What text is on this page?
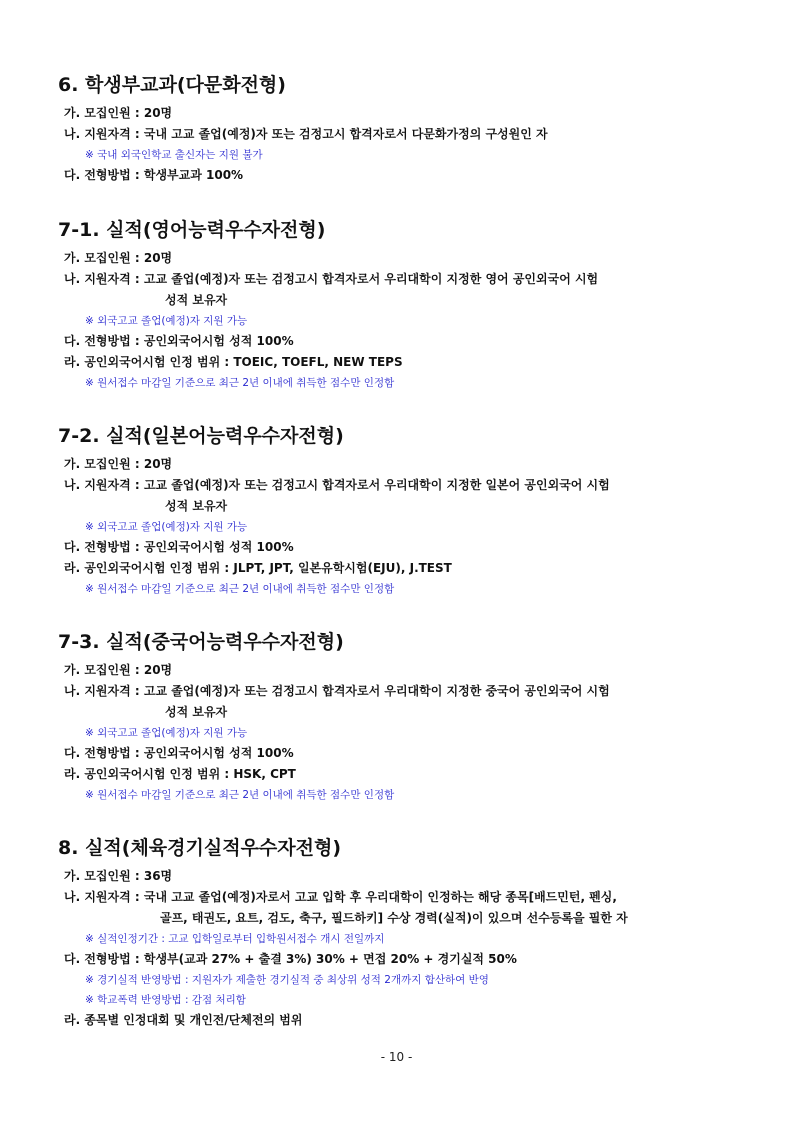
6. 학생부교과(다문화전형)
가. 모집인원 : 20명
나. 지원자격 : 국내 고교 졸업(예정)자 또는 검정고시 합격자로서 다문화가정의 구성원인 자
※ 국내 외국인학교 출신자는 지원 불가
다. 전형방법 : 학생부교과 100%
7-1. 실적(영어능력우수자전형)
가. 모집인원 : 20명
나. 지원자격 : 고교 졸업(예정)자 또는 검정고시 합격자로서 우리대학이 지정한 영어 공인외국어 시험
성적 보유자
※ 외국고교 졸업(예정)자 지원 가능
다. 전형방법 : 공인외국어시험 성적 100%
라. 공인외국어시험 인정 범위 : TOEIC, TOEFL, NEW TEPS
※ 원서접수 마감일 기준으로 최근 2년 이내에 취득한 점수만 인정함
7-2. 실적(일본어능력우수자전형)
가. 모집인원 : 20명
나. 지원자격 : 고교 졸업(예정)자 또는 검정고시 합격자로서 우리대학이 지정한 일본어 공인외국어 시험
성적 보유자
※ 외국고교 졸업(예정)자 지원 가능
다. 전형방법 : 공인외국어시험 성적 100%
라. 공인외국어시험 인정 범위 : JLPT, JPT, 일본유학시험(EJU), J.TEST
※ 원서접수 마감일 기준으로 최근 2년 이내에 취득한 점수만 인정함
7-3. 실적(중국어능력우수자전형)
가. 모집인원 : 20명
나. 지원자격 : 고교 졸업(예정)자 또는 검정고시 합격자로서 우리대학이 지정한 중국어 공인외국어 시험
성적 보유자
※ 외국고교 졸업(예정)자 지원 가능
다. 전형방법 : 공인외국어시험 성적 100%
라. 공인외국어시험 인정 범위 : HSK, CPT
※ 원서접수 마감일 기준으로 최근 2년 이내에 취득한 점수만 인정함
8. 실적(체육경기실적우수자전형)
가. 모집인원 : 36명
나. 지원자격 : 국내 고교 졸업(예정)자로서 고교 입학 후 우리대학이 인정하는 해당 종목[배드민턴, 펜싱,
골프, 태권도, 요트, 검도, 축구, 필드하키] 수상 경력(실적)이 있으며 선수등록을 필한 자
※ 실적인정기간 : 고교 입학일로부터 입학원서접수 개시 전일까지
다. 전형방법 : 학생부(교과 27% + 출결 3%) 30% + 면접 20% + 경기실적 50%
※ 경기실적 반영방법 : 지원자가 제출한 경기실적 중 최상위 성적 2개까지 합산하여 반영
※ 학교폭력 반영방법 : 감점 처리함
라. 종목별 인정대회 및 개인전/단체전의 범위
- 10 -
